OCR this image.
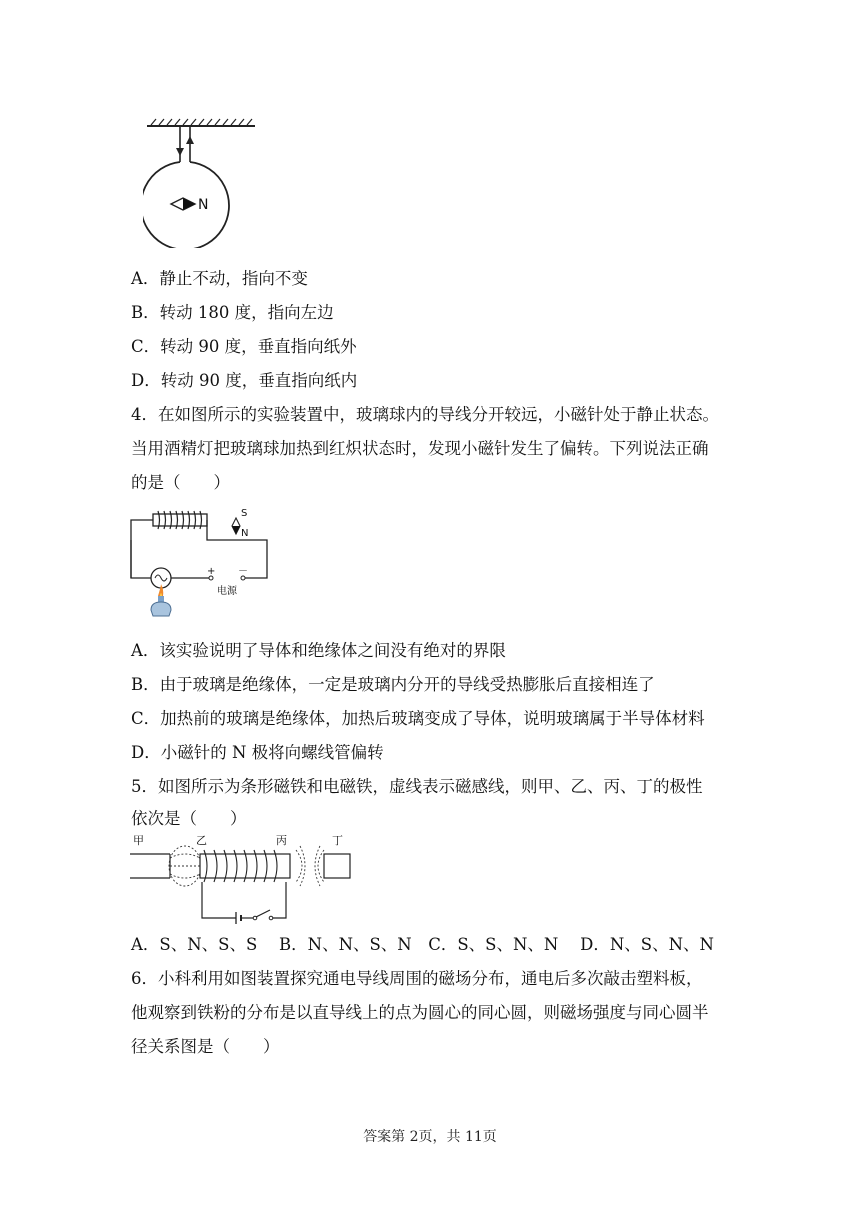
N
A．静止不动，指向不变
B．转动 180 度，指向左边
C．转动 90 度，垂直指向纸外
D．转动 90 度，垂直指向纸内
4．在如图所示的实验装置中，玻璃球内的导线分开较远，小磁针处于静止状态。
当用酒精灯把玻璃球加热到红炽状态时，发现小磁针发生了偏转。下列说法正确
的是（　　）
+ －
电源
S
N
A．该实验说明了导体和绝缘体之间没有绝对的界限
B．由于玻璃是绝缘体，一定是玻璃内分开的导线受热膨胀后直接相连了
C．加热前的玻璃是绝缘体，加热后玻璃变成了导体，说明玻璃属于半导体材料
D．小磁针的 N 极将向螺线管偏转
5．如图所示为条形磁铁和电磁铁，虚线表示磁感线，则甲、乙、丙、丁的极性
依次是（　　）
甲	乙	丙	丁
A．S、N、S、S　 B．N、N、S、N　C．S、S、N、N　 D．N、S、N、N
6．小科利用如图装置探究通电导线周围的磁场分布，通电后多次敲击塑料板，
他观察到铁粉的分布是以直导线上的点为圆心的同心圆，则磁场强度与同心圆半
径关系图是（　　）
答案第 2页，共 11页
